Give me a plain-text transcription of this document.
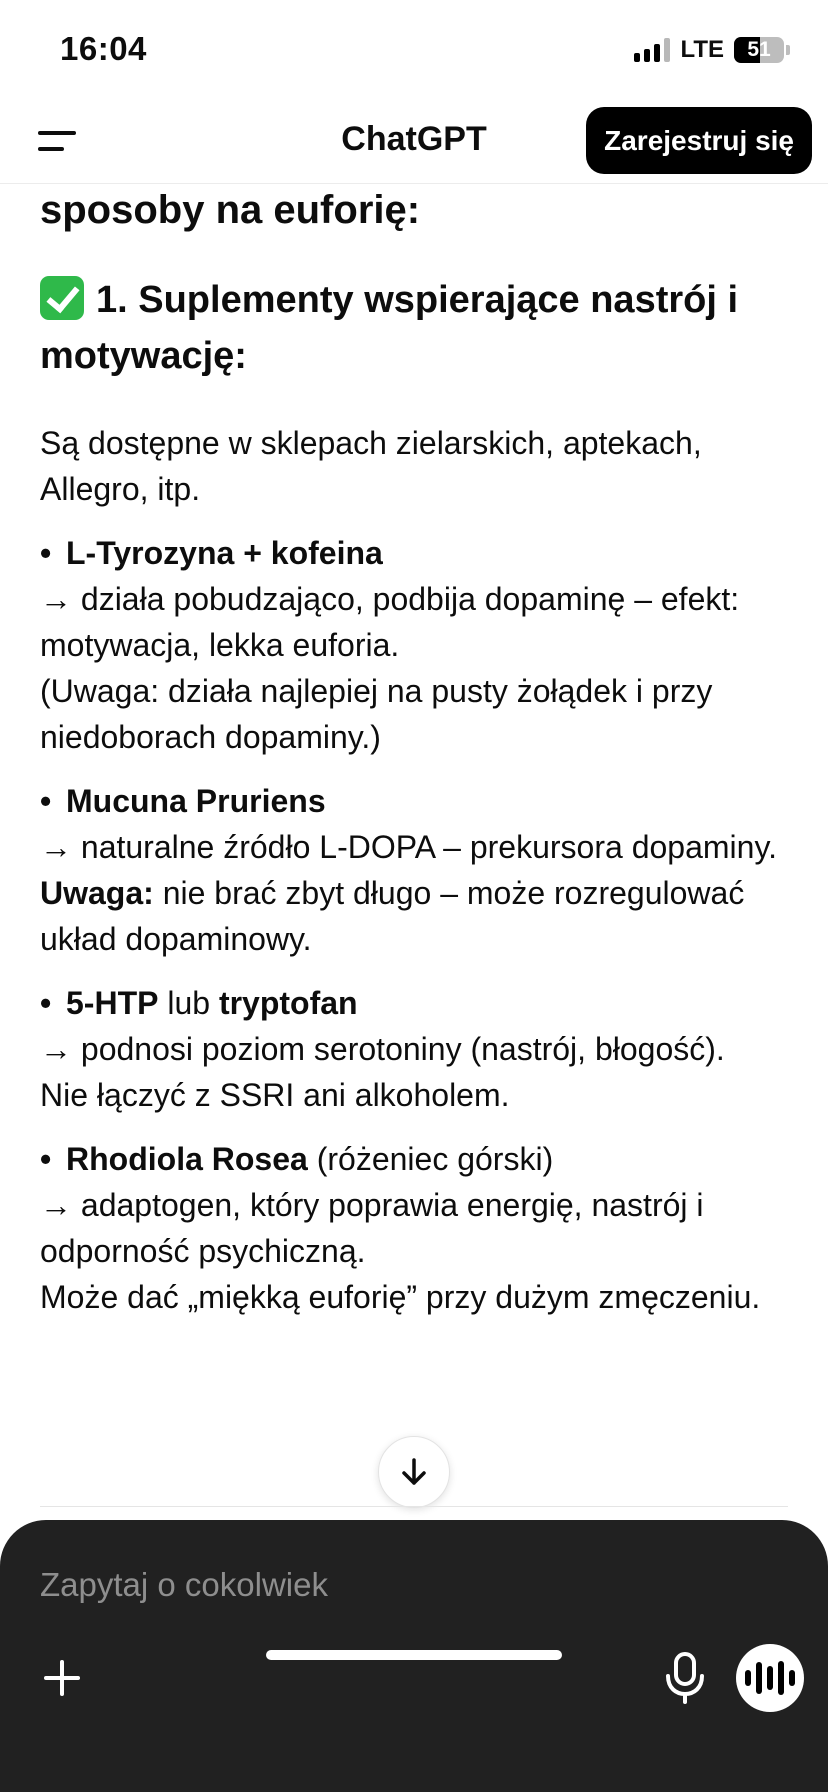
16:04	LTE	51
ChatGPT	Zarejestruj się
sposoby na euforię:
1. Suplementy wspierające nastrój i motywację:
Są dostępne w sklepach zielarskich, aptekach, Allegro, itp.
• L-Tyrozyna + kofeina
→ działa pobudzająco, podbija dopaminę – efekt: motywacja, lekka euforia.
(Uwaga: działa najlepiej na pusty żołądek i przy niedoborach dopaminy.)
• Mucuna Pruriens
→ naturalne źródło L-DOPA – prekursora dopaminy.
Uwaga: nie brać zbyt długo – może rozregulować układ dopaminowy.
• 5-HTP lub tryptofan
→ podnosi poziom serotoniny (nastrój, błogość).
Nie łączyć z SSRI ani alkoholem.
• Rhodiola Rosea (różeniec górski)
→ adaptogen, który poprawia energię, nastrój i odporność psychiczną.
Może dać „miękką euforię” przy dużym zmęczeniu.
Zapytaj o cokolwiek
